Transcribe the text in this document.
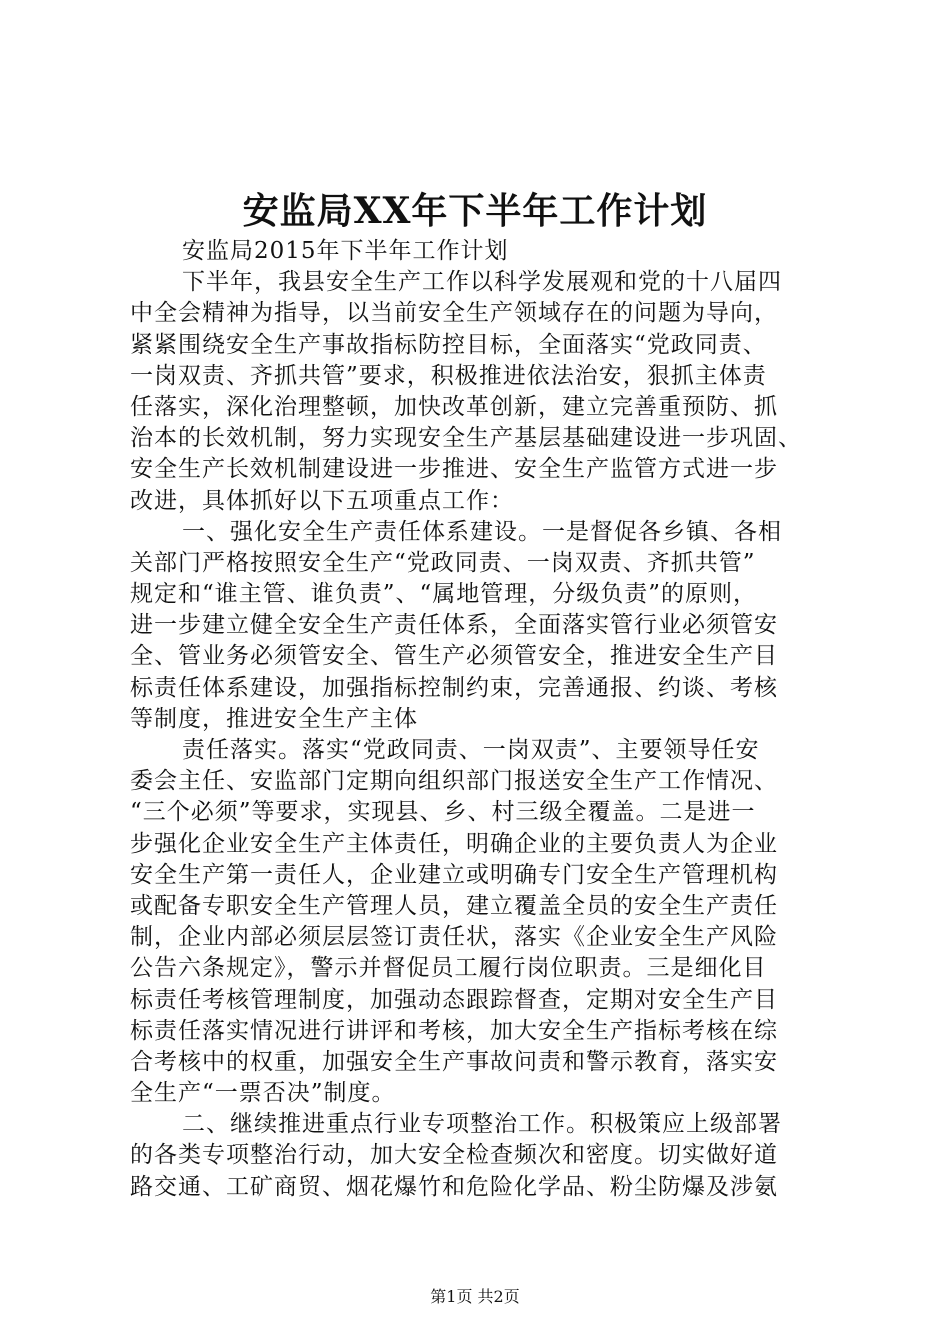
安监局XX年下半年工作计划
安监局2015年下半年工作计划
下半年，我县安全生产工作以科学发展观和党的十八届四
中全会精神为指导，以当前安全生产领域存在的问题为导向，
紧紧围绕安全生产事故指标防控目标，全面落实“党政同责、
一岗双责、齐抓共管”要求，积极推进依法治安，狠抓主体责
任落实，深化治理整顿，加快改革创新，建立完善重预防、抓
治本的长效机制，努力实现安全生产基层基础建设进一步巩固、
安全生产长效机制建设进一步推进、安全生产监管方式进一步
改进，具体抓好以下五项重点工作：
一、强化安全生产责任体系建设。一是督促各乡镇、各相
关部门严格按照安全生产“党政同责、一岗双责、齐抓共管”
规定和“谁主管、谁负责”、“属地管理，分级负责”的原则，
进一步建立健全安全生产责任体系，全面落实管行业必须管安
全、管业务必须管安全、管生产必须管安全，推进安全生产目
标责任体系建设，加强指标控制约束，完善通报、约谈、考核
等制度，推进安全生产主体
责任落实。落实“党政同责、一岗双责”、主要领导任安
委会主任、安监部门定期向组织部门报送安全生产工作情况、
“三个必须”等要求，实现县、乡、村三级全覆盖。二是进一
步强化企业安全生产主体责任，明确企业的主要负责人为企业
安全生产第一责任人，企业建立或明确专门安全生产管理机构
或配备专职安全生产管理人员，建立覆盖全员的安全生产责任
制，企业内部必须层层签订责任状，落实《企业安全生产风险
公告六条规定》，警示并督促员工履行岗位职责。三是细化目
标责任考核管理制度，加强动态跟踪督查，定期对安全生产目
标责任落实情况进行讲评和考核，加大安全生产指标考核在综
合考核中的权重，加强安全生产事故问责和警示教育，落实安
全生产“一票否决”制度。
二、继续推进重点行业专项整治工作。积极策应上级部署
的各类专项整治行动，加大安全检查频次和密度。切实做好道
路交通、工矿商贸、烟花爆竹和危险化学品、粉尘防爆及涉氨
第1页 共2页
